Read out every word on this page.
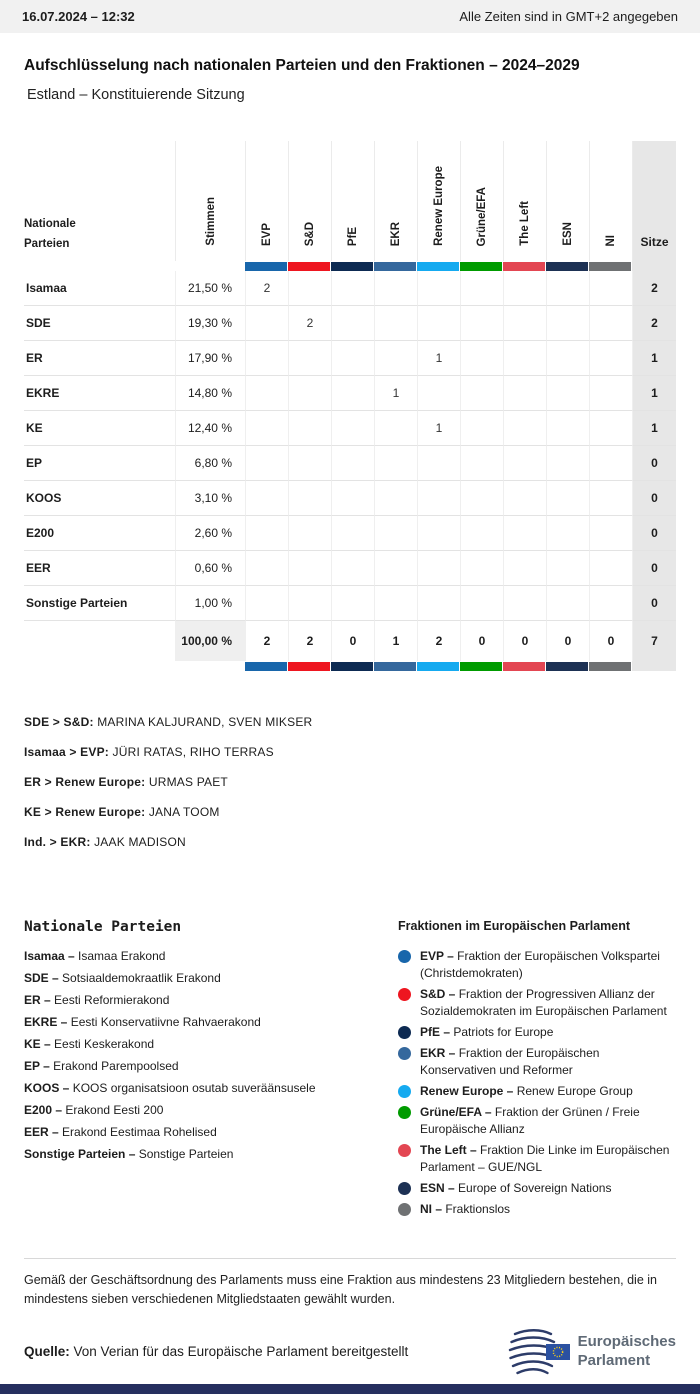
16.07.2024 – 12:32	Alle Zeiten sind in GMT+2 angegeben
Aufschlüsselung nach nationalen Parteien und den Fraktionen – 2024–2029
Estland – Konstituierende Sitzung
Nationale Parteien	Stimmen	EVP	S&D	PfE	EKR	Renew Europe	Grüne/EFA	The Left	ESN	NI	Sitze

Isamaa	21,50 %	2									2
SDE	19,30 %		2								2
ER	17,90 %					1					1
EKRE	14,80 %				1						1
KE	12,40 %					1					1
EP	6,80 %										0
KOOS	3,10 %										0
E200	2,60 %										0
EER	0,60 %										0
Sonstige Parteien	1,00 %										0
	100,00 %	2	2	0	1	2	0	0	0	0	7

SDE > S&D: MARINA KALJURAND, SVEN MIKSER
Isamaa > EVP: JÜRI RATAS, RIHO TERRAS
ER > Renew Europe: URMAS PAET
KE > Renew Europe: JANA TOOM
Ind. > EKR: JAAK MADISON
Nationale Parteien
Isamaa – Isamaa Erakond
SDE – Sotsiaaldemokraatlik Erakond
ER – Eesti Reformierakond
EKRE – Eesti Konservatiivne Rahvaerakond
KE – Eesti Keskerakond
EP – Erakond Parempoolsed
KOOS – KOOS organisatsioon osutab suveräänsusele
E200 – Erakond Eesti 200
EER – Erakond Eestimaa Rohelised
Sonstige Parteien – Sonstige Parteien
Fraktionen im Europäischen Parlament
EVP – Fraktion der Europäischen Volkspartei (Christdemokraten)
S&D – Fraktion der Progressiven Allianz der Sozialdemokraten im Europäischen Parlament
PfE – Patriots for Europe
EKR – Fraktion der Europäischen Konservativen und Reformer
Renew Europe – Renew Europe Group
Grüne/EFA – Fraktion der Grünen / Freie Europäische Allianz
The Left – Fraktion Die Linke im Europäischen Parlament – GUE/NGL
ESN – Europe of Sovereign Nations
NI – Fraktionslos

Gemäß der Geschäftsordnung des Parlaments muss eine Fraktion aus mindestens 23 Mitgliedern bestehen, die in mindestens sieben verschiedenen Mitgliedstaaten gewählt wurden.

Quelle: Von Verian für das Europäische Parlament bereitgestellt

Europäisches
Parlament
